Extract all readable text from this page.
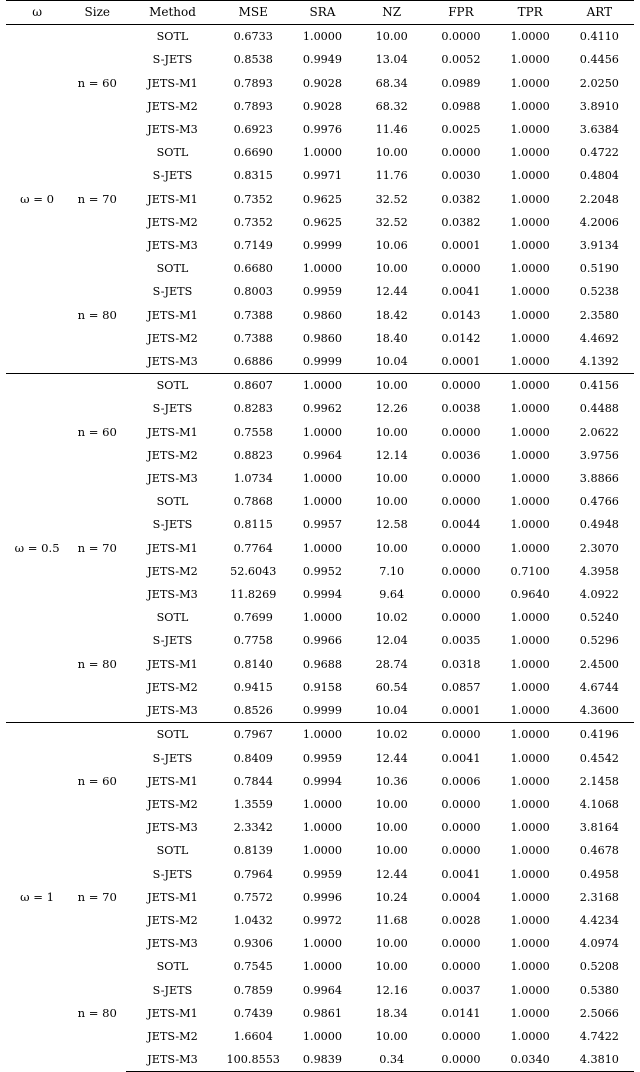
ω	Size	Method	MSE	SRA	NZ	FPR	TPR	ART
ω = 0	n = 60	SOTL	0.6733	1.0000	10.00	0.0000	1.0000	0.4110
		S-JETS	0.8538	0.9949	13.04	0.0052	1.0000	0.4456
		JETS-M1	0.7893	0.9028	68.34	0.0989	1.0000	2.0250
		JETS-M2	0.7893	0.9028	68.32	0.0988	1.0000	3.8910
		JETS-M3	0.6923	0.9976	11.46	0.0025	1.0000	3.6384
	n = 70	SOTL	0.6690	1.0000	10.00	0.0000	1.0000	0.4722
		S-JETS	0.8315	0.9971	11.76	0.0030	1.0000	0.4804
		JETS-M1	0.7352	0.9625	32.52	0.0382	1.0000	2.2048
		JETS-M2	0.7352	0.9625	32.52	0.0382	1.0000	4.2006
		JETS-M3	0.7149	0.9999	10.06	0.0001	1.0000	3.9134
	n = 80	SOTL	0.6680	1.0000	10.00	0.0000	1.0000	0.5190
		S-JETS	0.8003	0.9959	12.44	0.0041	1.0000	0.5238
		JETS-M1	0.7388	0.9860	18.42	0.0143	1.0000	2.3580
		JETS-M2	0.7388	0.9860	18.40	0.0142	1.0000	4.4692
		JETS-M3	0.6886	0.9999	10.04	0.0001	1.0000	4.1392
ω = 0.5	n = 60	SOTL	0.8607	1.0000	10.00	0.0000	1.0000	0.4156
		S-JETS	0.8283	0.9962	12.26	0.0038	1.0000	0.4488
		JETS-M1	0.7558	1.0000	10.00	0.0000	1.0000	2.0622
		JETS-M2	0.8823	0.9964	12.14	0.0036	1.0000	3.9756
		JETS-M3	1.0734	1.0000	10.00	0.0000	1.0000	3.8866
	n = 70	SOTL	0.7868	1.0000	10.00	0.0000	1.0000	0.4766
		S-JETS	0.8115	0.9957	12.58	0.0044	1.0000	0.4948
		JETS-M1	0.7764	1.0000	10.00	0.0000	1.0000	2.3070
		JETS-M2	52.6043	0.9952	7.10	0.0000	0.7100	4.3958
		JETS-M3	11.8269	0.9994	9.64	0.0000	0.9640	4.0922
	n = 80	SOTL	0.7699	1.0000	10.02	0.0000	1.0000	0.5240
		S-JETS	0.7758	0.9966	12.04	0.0035	1.0000	0.5296
		JETS-M1	0.8140	0.9688	28.74	0.0318	1.0000	2.4500
		JETS-M2	0.9415	0.9158	60.54	0.0857	1.0000	4.6744
		JETS-M3	0.8526	0.9999	10.04	0.0001	1.0000	4.3600
ω = 1	n = 60	SOTL	0.7967	1.0000	10.02	0.0000	1.0000	0.4196
		S-JETS	0.8409	0.9959	12.44	0.0041	1.0000	0.4542
		JETS-M1	0.7844	0.9994	10.36	0.0006	1.0000	2.1458
		JETS-M2	1.3559	1.0000	10.00	0.0000	1.0000	4.1068
		JETS-M3	2.3342	1.0000	10.00	0.0000	1.0000	3.8164
	n = 70	SOTL	0.8139	1.0000	10.00	0.0000	1.0000	0.4678
		S-JETS	0.7964	0.9959	12.44	0.0041	1.0000	0.4958
		JETS-M1	0.7572	0.9996	10.24	0.0004	1.0000	2.3168
		JETS-M2	1.0432	0.9972	11.68	0.0028	1.0000	4.4234
		JETS-M3	0.9306	1.0000	10.00	0.0000	1.0000	4.0974
	n = 80	SOTL	0.7545	1.0000	10.00	0.0000	1.0000	0.5208
		S-JETS	0.7859	0.9964	12.16	0.0037	1.0000	0.5380
		JETS-M1	0.7439	0.9861	18.34	0.0141	1.0000	2.5066
		JETS-M2	1.6604	1.0000	10.00	0.0000	1.0000	4.7422
		JETS-M3	100.8553	0.9839	0.34	0.0000	0.0340	4.3810
